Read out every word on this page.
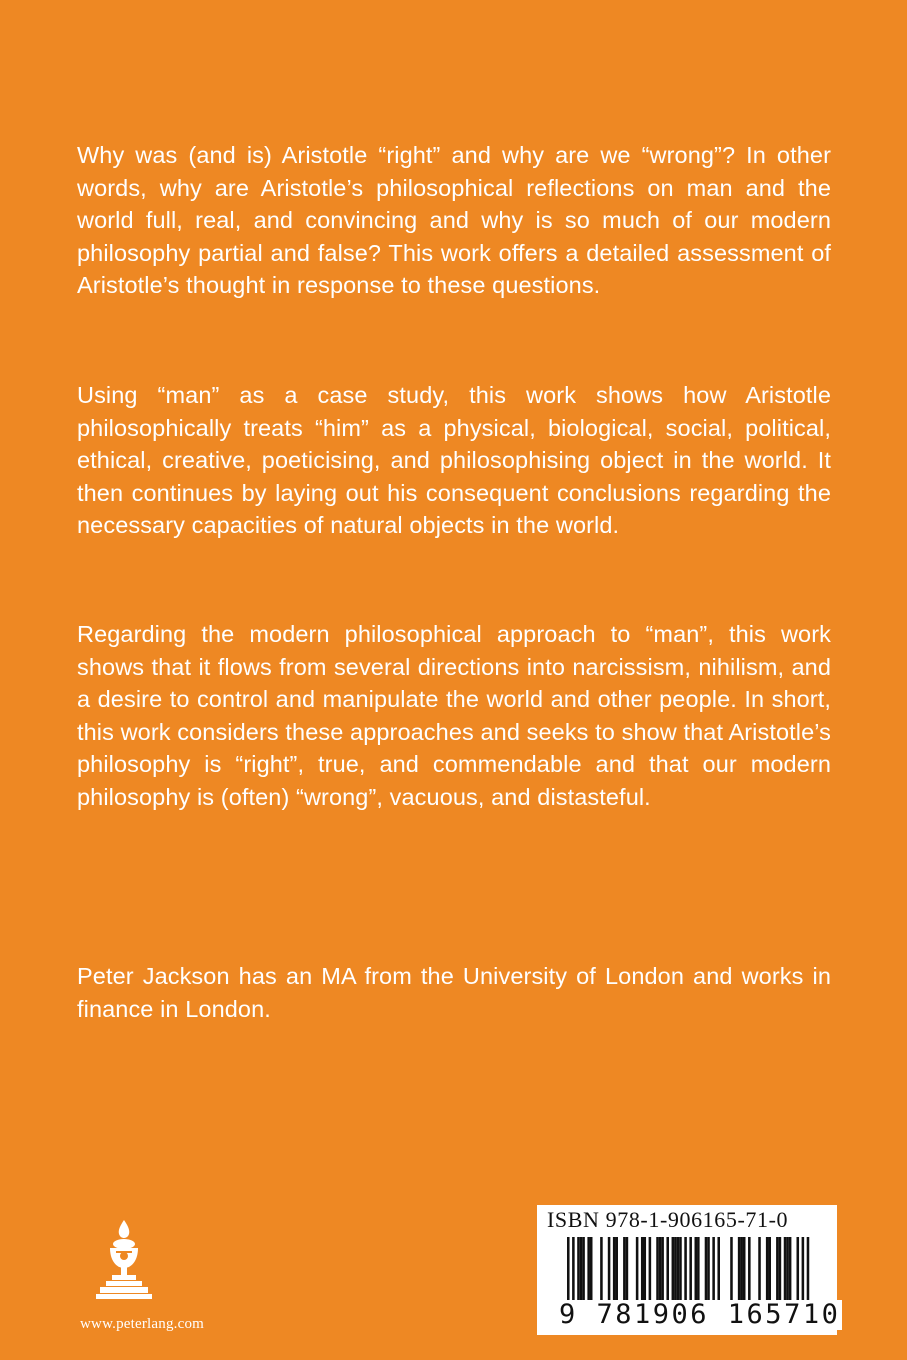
Why was (and is) Aristotle “right” and why are we “wrong”? In other words, why are Aristotle’s philosophical reflections on man and the world full, real, and convincing and why is so much of our modern philosophy partial and false? This work offers a detailed assessment of Aristotle’s thought in response to these questions.

Using “man” as a case study, this work shows how Aristotle philosophically treats “him” as a physical, biological, social, political, ethical, creative, poeticising, and philosophising object in the world. It then continues by laying out his consequent conclusions regarding the necessary capacities of natural objects in the world.

Regarding the modern philosophical approach to “man”, this work shows that it flows from several directions into narcissism, nihilism, and a desire to control and manipulate the world and other people. In short, this work considers these approaches and seeks to show that Aristotle’s philosophy is “right”, true, and commendable and that our modern philosophy is (often) “wrong”, vacuous, and distasteful.

Peter Jackson has an MA from the University of London and works in finance in London.

www.peterlang.com
ISBN 978-1-906165-71-0
9 781906 165710
